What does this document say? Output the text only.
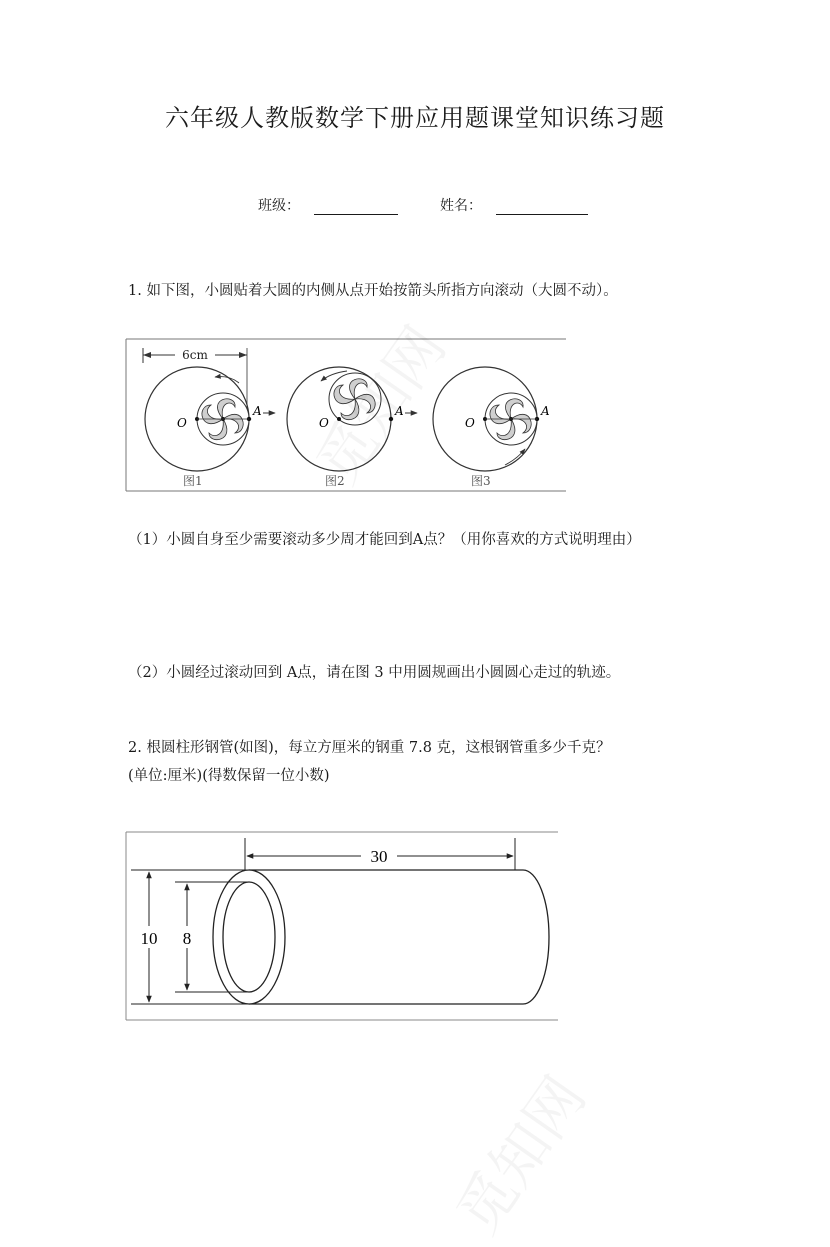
六年级人教版数学下册应用题课堂知识练习题
班级：	姓名：
1. 如下图，小圆贴着大圆的内侧从点开始按箭头所指方向滚动（大圆不动）。
6cm
O
A
图1
O
A
图2
O
A
图3
（1）小圆自身至少需要滚动多少周才能回到A点？（用你喜欢的方式说明理由）
（2）小圆经过滚动回到 A点，请在图 3 中用圆规画出小圆圆心走过的轨迹。
2. 根圆柱形钢管(如图)，每立方厘米的钢重 7.8 克，这根钢管重多少千克？
(单位:厘米)(得数保留一位小数)
30
10 8
